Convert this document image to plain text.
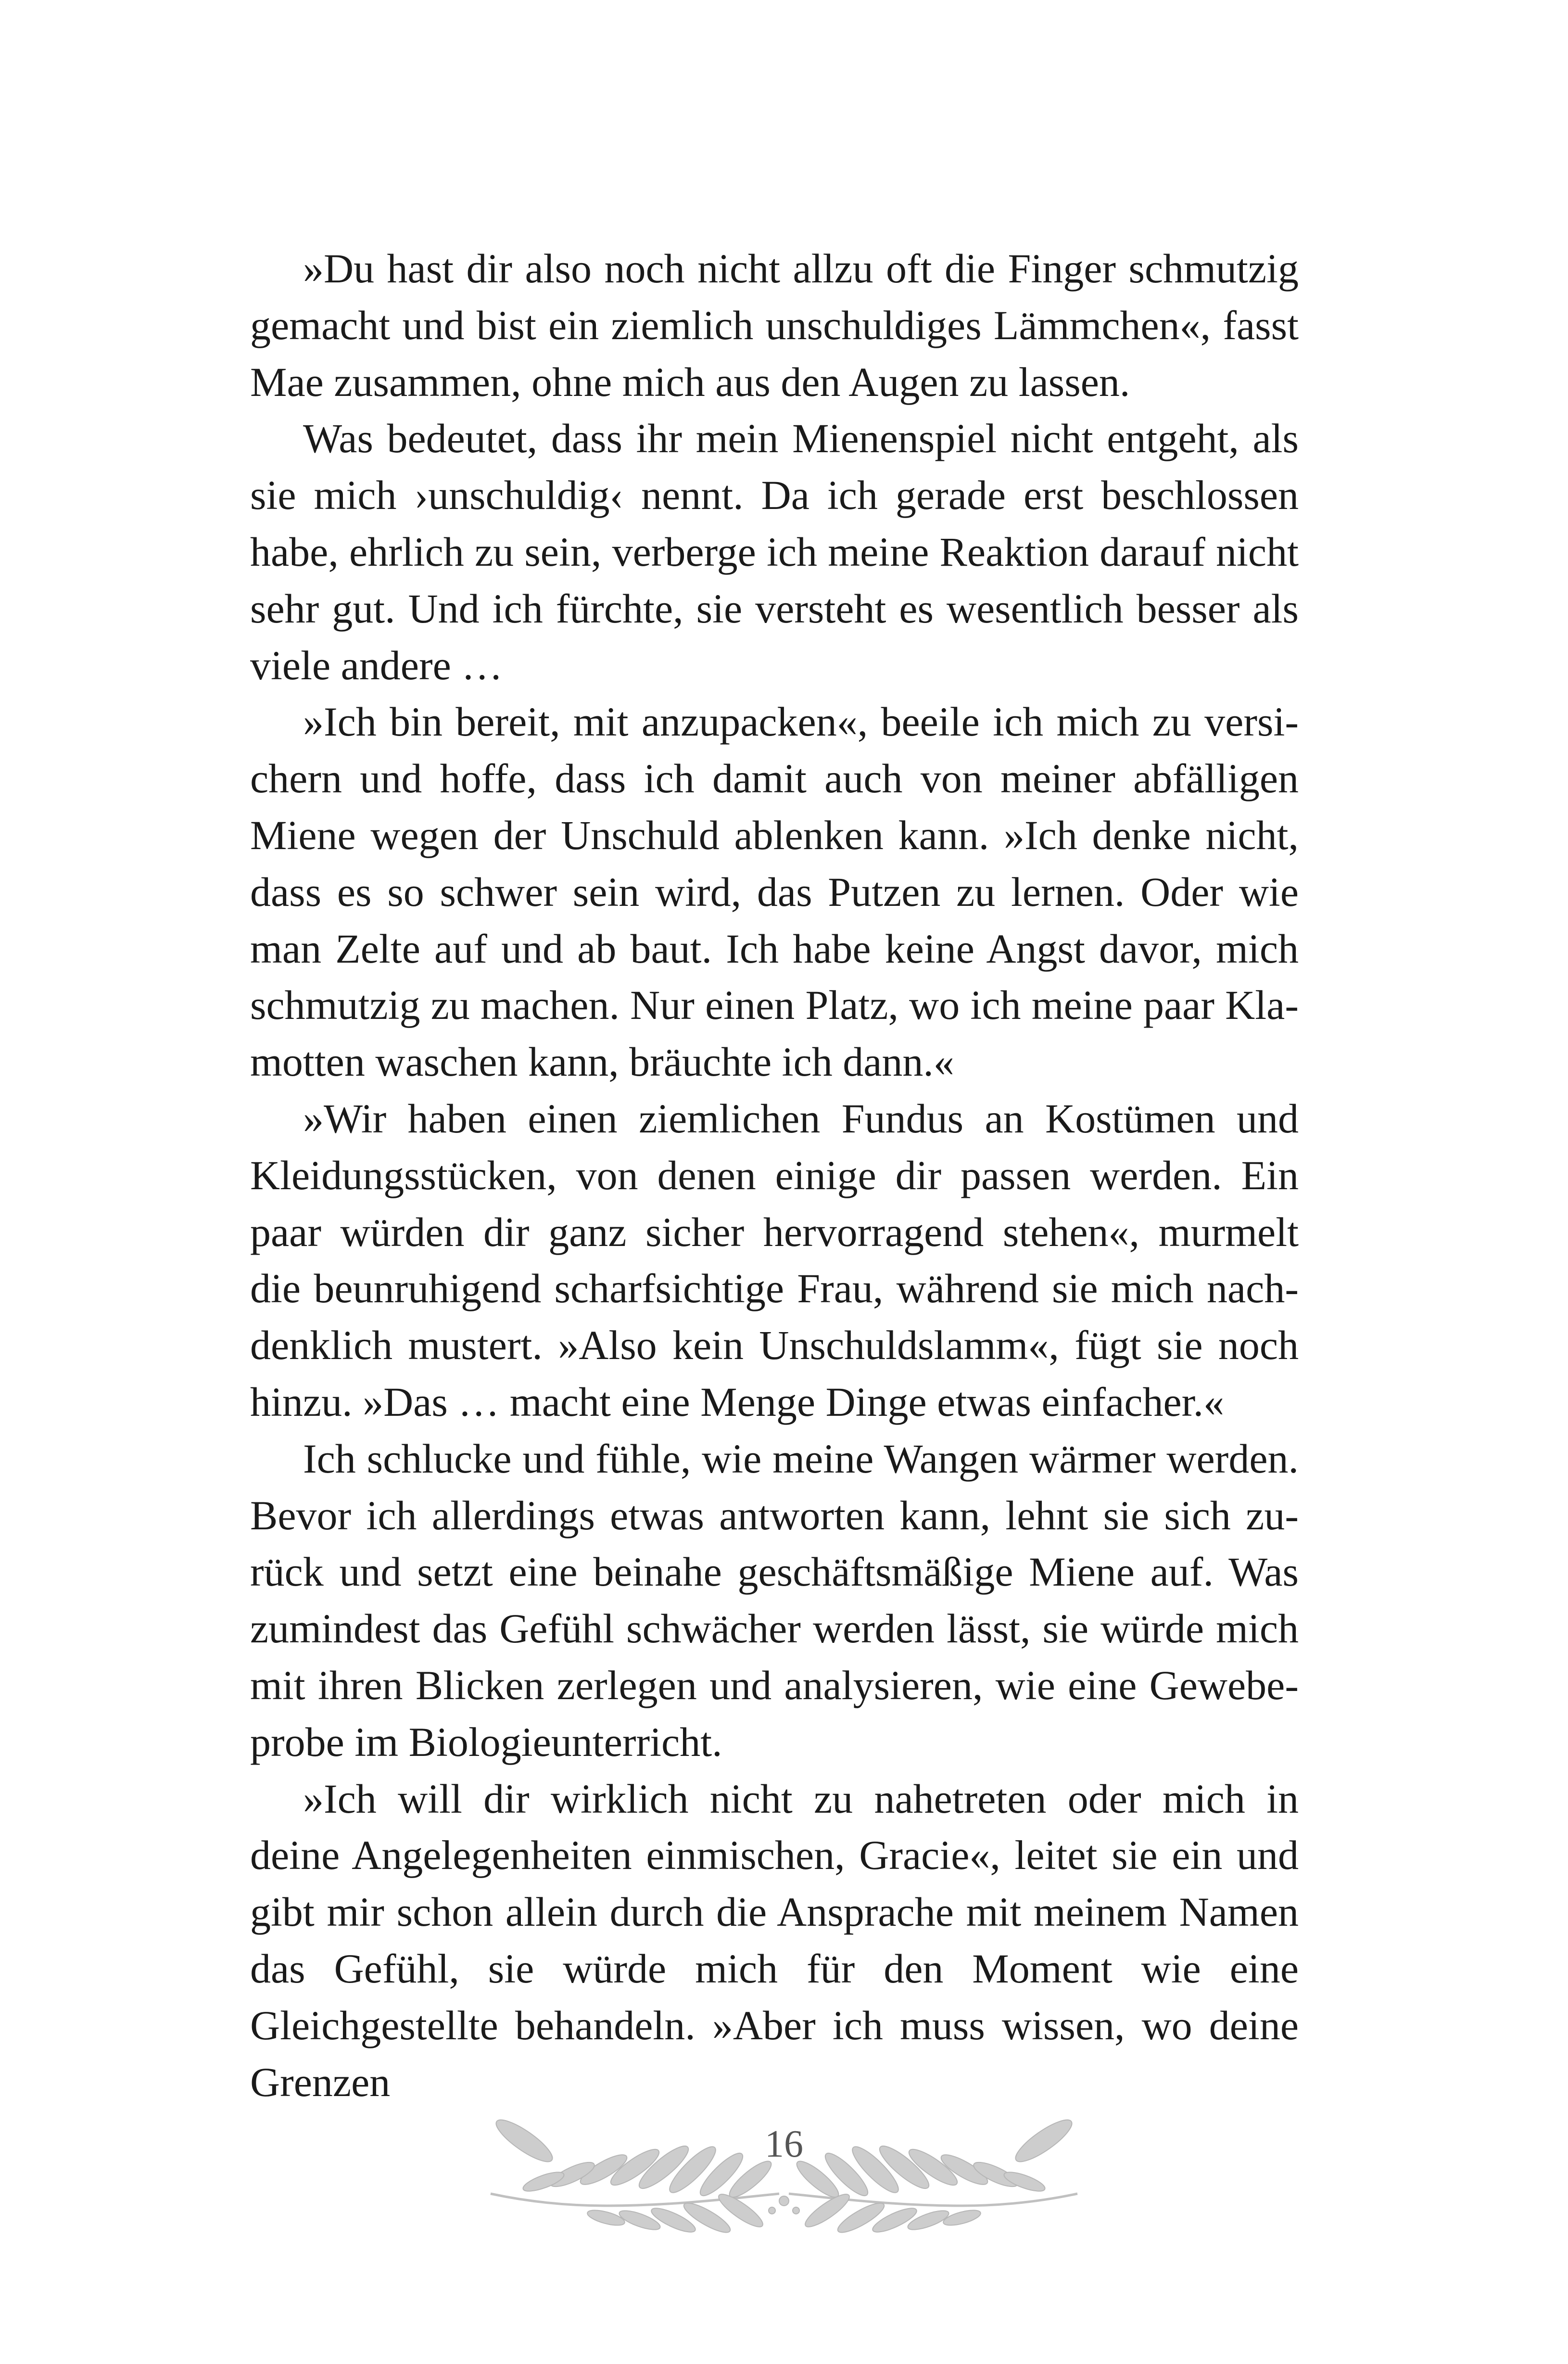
»Du hast dir also noch nicht allzu oft die Finger schmutzig gemacht und bist ein ziemlich unschuldiges Lämmchen«, fasst Mae zusammen, ohne mich aus den Augen zu lassen.

Was bedeutet, dass ihr mein Mienenspiel nicht entgeht, als sie mich ›unschuldig‹ nennt. Da ich gerade erst beschlossen habe, ehrlich zu sein, verberge ich meine Reaktion darauf nicht sehr gut. Und ich fürchte, sie versteht es wesentlich besser als viele andere …

»Ich bin bereit, mit anzupacken«, beeile ich mich zu versichern und hoffe, dass ich damit auch von meiner abfälligen Miene wegen der Unschuld ablenken kann. »Ich denke nicht, dass es so schwer sein wird, das Putzen zu lernen. Oder wie man Zelte auf und ab baut. Ich habe keine Angst davor, mich schmutzig zu machen. Nur einen Platz, wo ich meine paar Klamotten waschen kann, bräuchte ich dann.«

»Wir haben einen ziemlichen Fundus an Kostümen und Kleidungsstücken, von denen einige dir passen werden. Ein paar würden dir ganz sicher hervorragend stehen«, murmelt die beunruhigend scharfsichtige Frau, während sie mich nachdenklich mustert. »Also kein Unschuldslamm«, fügt sie noch hinzu. »Das … macht eine Menge Dinge etwas einfacher.«

Ich schlucke und fühle, wie meine Wangen wärmer werden. Bevor ich allerdings etwas antworten kann, lehnt sie sich zurück und setzt eine beinahe geschäftsmäßige Miene auf. Was zumindest das Gefühl schwächer werden lässt, sie würde mich mit ihren Blicken zerlegen und analysieren, wie eine Gewebeprobe im Biologieunterricht.

»Ich will dir wirklich nicht zu nahetreten oder mich in deine Angelegenheiten einmischen, Gracie«, leitet sie ein und gibt mir schon allein durch die Ansprache mit meinem Namen das Gefühl, sie würde mich für den Moment wie eine Gleichgestellte behandeln. »Aber ich muss wissen, wo deine Grenzen

16
